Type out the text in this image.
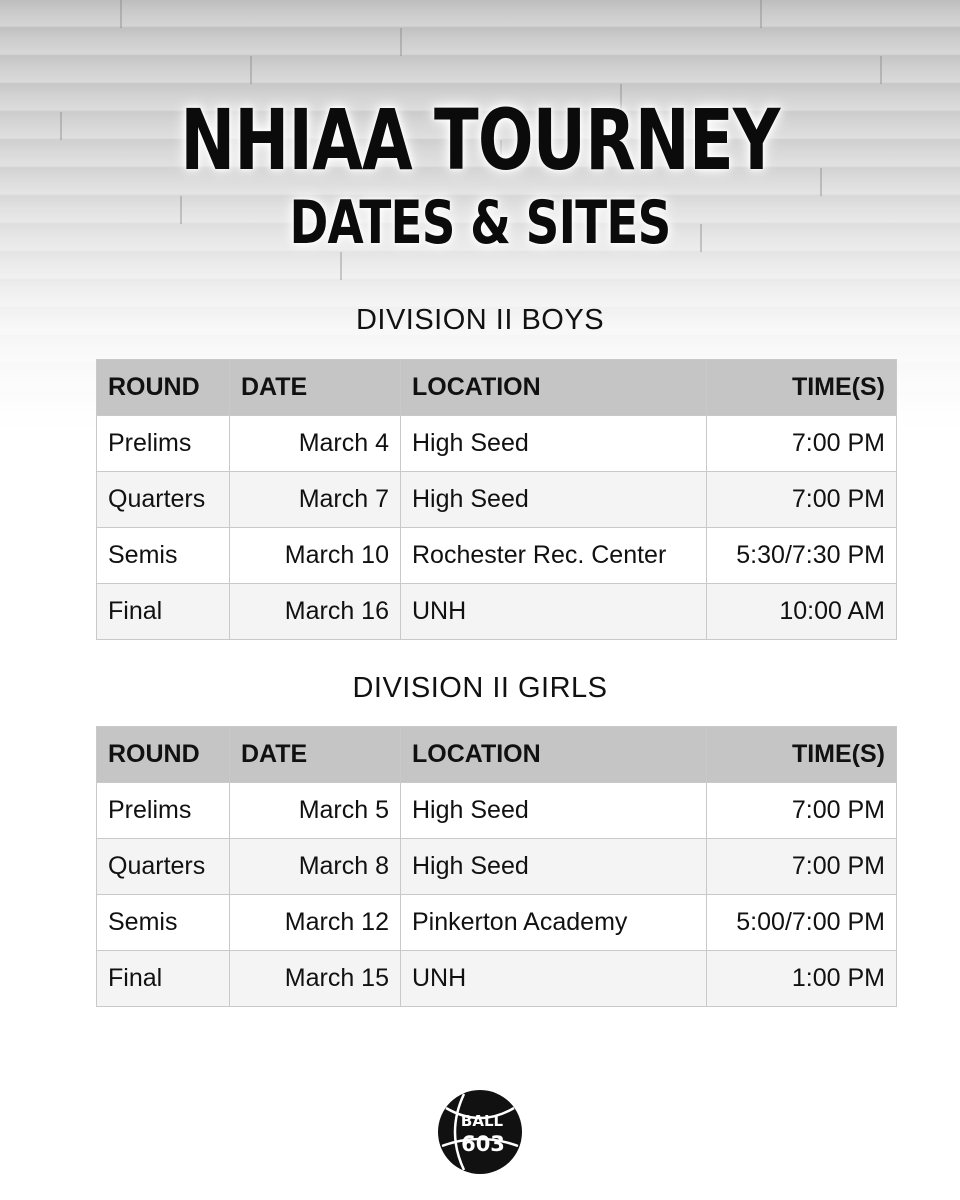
NHIAA TOURNEY
DATES & SITES
DIVISION II BOYS
ROUND	DATE	LOCATION	TIME(S)
Prelims	March 4 High Seed	7:00 PM
Quarters	March 7 High Seed	7:00 PM
Semis	March 10 Rochester Rec. Center	5:30/7:30 PM
Final	March 16 UNH	10:00 AM
DIVISION II GIRLS
ROUND	DATE	LOCATION	TIME(S)
Prelims	March 5 High Seed	7:00 PM
Quarters	March 8 High Seed	7:00 PM
Semis	March 12 Pinkerton Academy	5:00/7:00 PM
Final	March 15 UNH	1:00 PM
BALL
603
